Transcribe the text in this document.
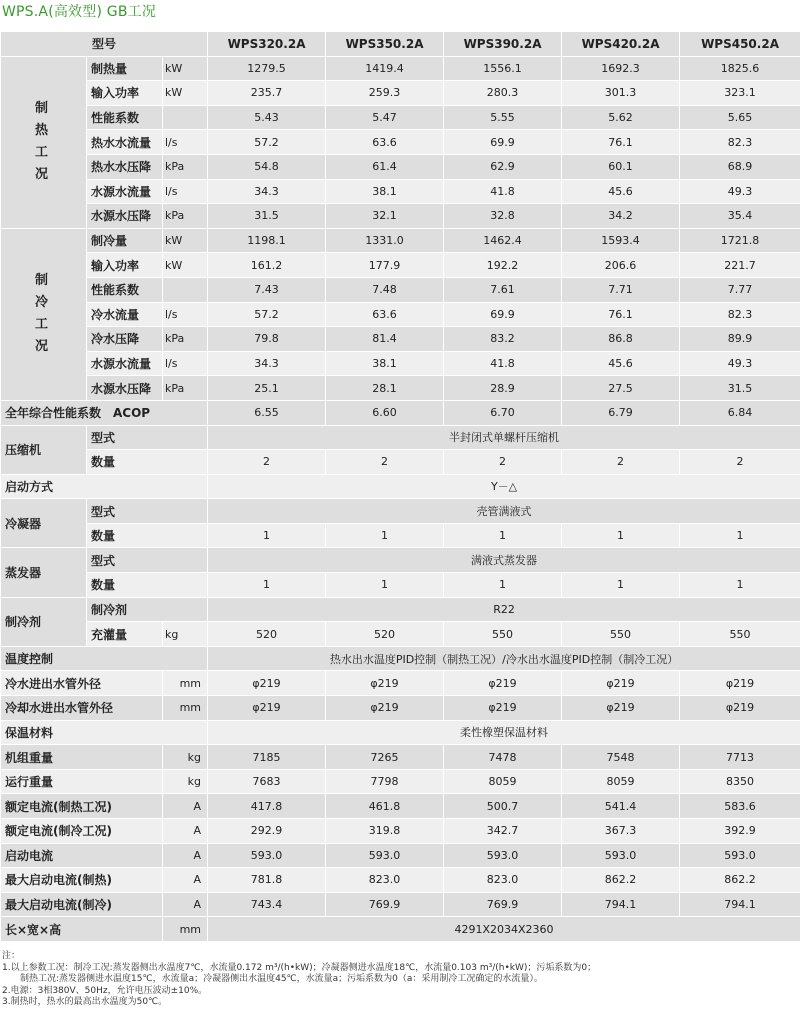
WPS.A(高效型) GB工况
型号			WPS320.2A	WPS350.2A	WPS390.2A	WPS420.2A	WPS450.2A
制
热
工
况	制热量	kW	1279.5	1419.4	1556.1	1692.3	1825.6
	输入功率	kW	235.7	259.3	280.3	301.3	323.1
	性能系数		5.43	5.47	5.55	5.62	5.65
	热水水流量	l/s	57.2	63.6	69.9	76.1	82.3
	热水水压降	kPa	54.8	61.4	62.9	60.1	68.9
	水源水流量	l/s	34.3	38.1	41.8	45.6	49.3
	水源水压降	kPa	31.5	32.1	32.8	34.2	35.4
制
冷
工
况	制冷量	kW	1198.1	1331.0	1462.4	1593.4	1721.8
	输入功率	kW	161.2	177.9	192.2	206.6	221.7
	性能系数		7.43	7.48	7.61	7.71	7.77
	冷水流量	l/s	57.2	63.6	69.9	76.1	82.3
	冷水压降	kPa	79.8	81.4	83.2	86.8	89.9
	水源水流量	l/s	34.3	38.1	41.8	45.6	49.3
	水源水压降	kPa	25.1	28.1	28.9	27.5	31.5
全年综合性能系数　ACOP			6.55	6.60	6.70	6.79	6.84
压缩机	型式		半封闭式单螺杆压缩机				
	数量		2	2	2	2	2
启动方式			Y－△				
冷凝器	型式		壳管满液式				
	数量		1	1	1	1	1
蒸发器	型式		满液式蒸发器				
	数量		1	1	1	1	1
制冷剂	制冷剂		R22				
	充灌量	kg	520	520	550	550	550
温度控制			热水出水温度PID控制（制热工况）/冷水出水温度PID控制（制冷工况）				
冷水进出水管外径		mm	φ219	φ219	φ219	φ219	φ219
冷却水进出水管外径		mm	φ219	φ219	φ219	φ219	φ219
保温材料			柔性橡塑保温材料				
机组重量		kg	7185	7265	7478	7548	7713
运行重量		kg	7683	7798	8059	8059	8350
额定电流(制热工况)		A	417.8	461.8	500.7	541.4	583.6
额定电流(制冷工况)		A	292.9	319.8	342.7	367.3	392.9
启动电流		A	593.0	593.0	593.0	593.0	593.0
最大启动电流(制热)		A	781.8	823.0	823.0	862.2	862.2
最大启动电流(制冷)		A	743.4	769.9	769.9	794.1	794.1
长×宽×高		mm	4291X2034X2360				
注：
1.以上参数工况：制冷工况:蒸发器侧出水温度7℃，水流量0.172 m³/(h•kW)；冷凝器侧进水温度18℃，水流量0.103 m³/(h•kW)；污垢系数为0；
　　制热工况:蒸发器侧进水温度15℃，水流量a；冷凝器侧出水温度45℃，水流量a；污垢系数为0（a：采用制冷工况确定的水流量）。
2.电源：3相380V、50Hz，允许电压波动±10%。
3.制热时，热水的最高出水温度为50℃。
